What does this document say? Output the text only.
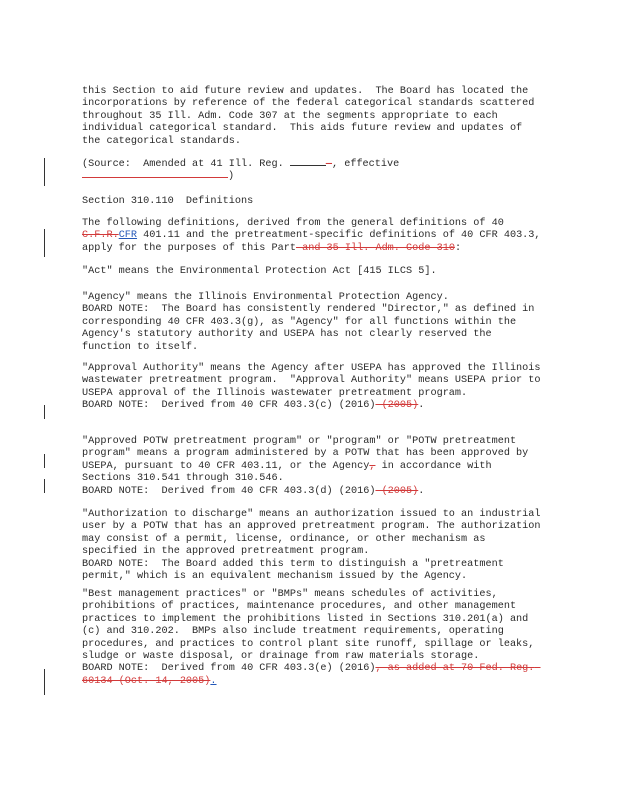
this Section to aid future review and updates.  The Board has located the incorporations by reference of the federal categorical standards scattered throughout 35 Ill. Adm. Code 307 at the segments appropriate to each individual categorical standard.  This aids future review and updates of the categorical standards.

(Source:  Amended at 41 Ill. Reg.	—, effective
)

Section 310.110  Definitions

The following definitions, derived from the general definitions of 40 C.F.R.CFR 401.11 and the pretreatment-specific definitions of 40 CFR 403.3, apply for the purposes of this Part and 35 Ill. Adm. Code 310:

"Act" means the Environmental Protection Act [415 ILCS 5].

"Agency" means the Illinois Environmental Protection Agency.
BOARD NOTE:  The Board has consistently rendered "Director," as defined in corresponding 40 CFR 403.3(g), as "Agency" for all functions within the Agency's statutory authority and USEPA has not clearly reserved the function to itself.

"Approval Authority" means the Agency after USEPA has approved the Illinois wastewater pretreatment program.  "Approval Authority" means USEPA prior to USEPA approval of the Illinois wastewater pretreatment program.
BOARD NOTE:  Derived from 40 CFR 403.3(c) (2016) (2005).

"Approved POTW pretreatment program" or "program" or "POTW pretreatment program" means a program administered by a POTW that has been approved by USEPA, pursuant to 40 CFR 403.11, or the Agency, in accordance with Sections 310.541 through 310.546.
BOARD NOTE:  Derived from 40 CFR 403.3(d) (2016) (2005).

"Authorization to discharge" means an authorization issued to an industrial user by a POTW that has an approved pretreatment program. The authorization may consist of a permit, license, ordinance, or other mechanism as specified in the approved pretreatment program.
BOARD NOTE:  The Board added this term to distinguish a "pretreatment permit," which is an equivalent mechanism issued by the Agency.

"Best management practices" or "BMPs" means schedules of activities, prohibitions of practices, maintenance procedures, and other management practices to implement the prohibitions listed in Sections 310.201(a) and (c) and 310.202.  BMPs also include treatment requirements, operating procedures, and practices to control plant site runoff, spillage or leaks, sludge or waste disposal, or drainage from raw materials storage.
BOARD NOTE:  Derived from 40 CFR 403.3(e) (2016), as added at 70 Fed. Reg. 60134 (Oct. 14, 2005).
